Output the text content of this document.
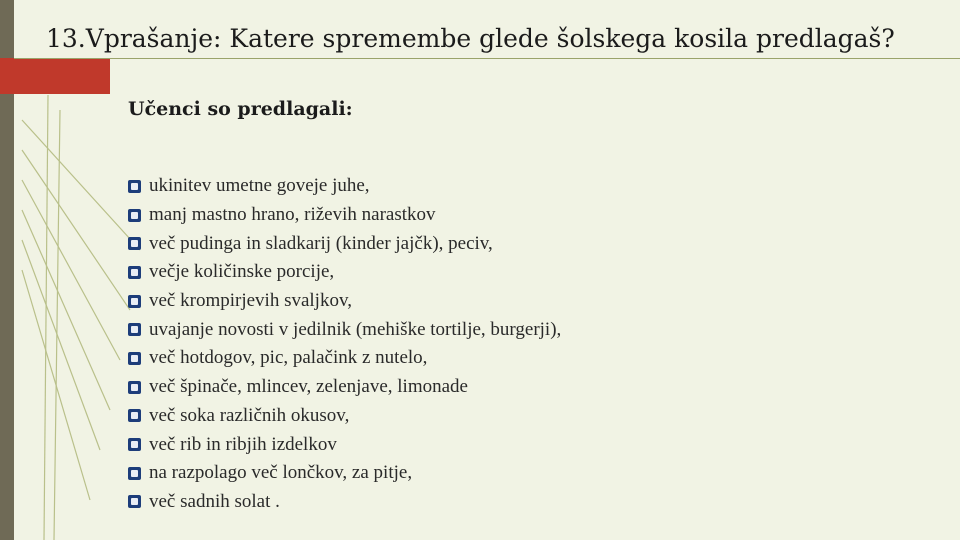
13.Vprašanje: Katere spremembe glede šolskega kosila predlagaš?
Učenci so predlagali:
ukinitev umetne goveje juhe,
manj mastno hrano, riževih narastkov
več pudinga in sladkarij (kinder jajčk), peciv,
večje količinske porcije,
več krompirjevih svaljkov,
uvajanje novosti v jedilnik (mehiške tortilje, burgerji),
več hotdogov, pic, palačink z nutelo,
več špinače, mlincev, zelenjave, limonade
več soka različnih okusov,
več rib in ribjih izdelkov
na razpolago več lončkov, za pitje,
več sadnih solat .
